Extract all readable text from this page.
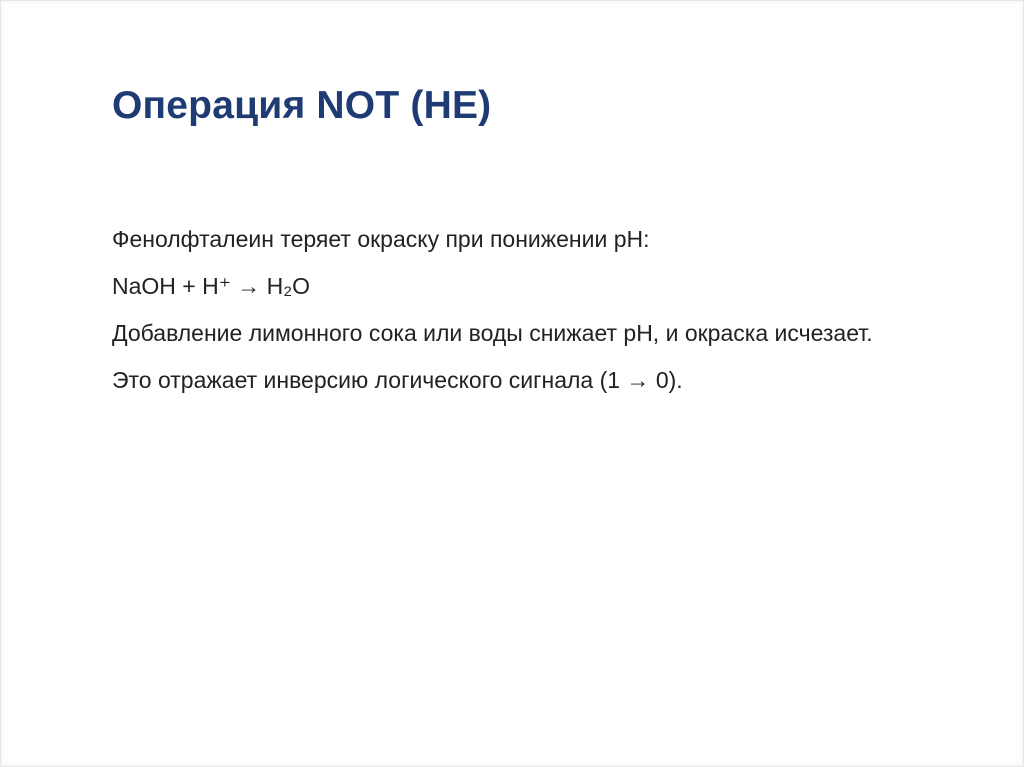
Операция NOT (НЕ)

Фенолфталеин теряет окраску при понижении pH:

NaOH + H⁺ → H₂O

Добавление лимонного сока или воды снижает pH, и окраска исчезает.

Это отражает инверсию логического сигнала (1 → 0).
